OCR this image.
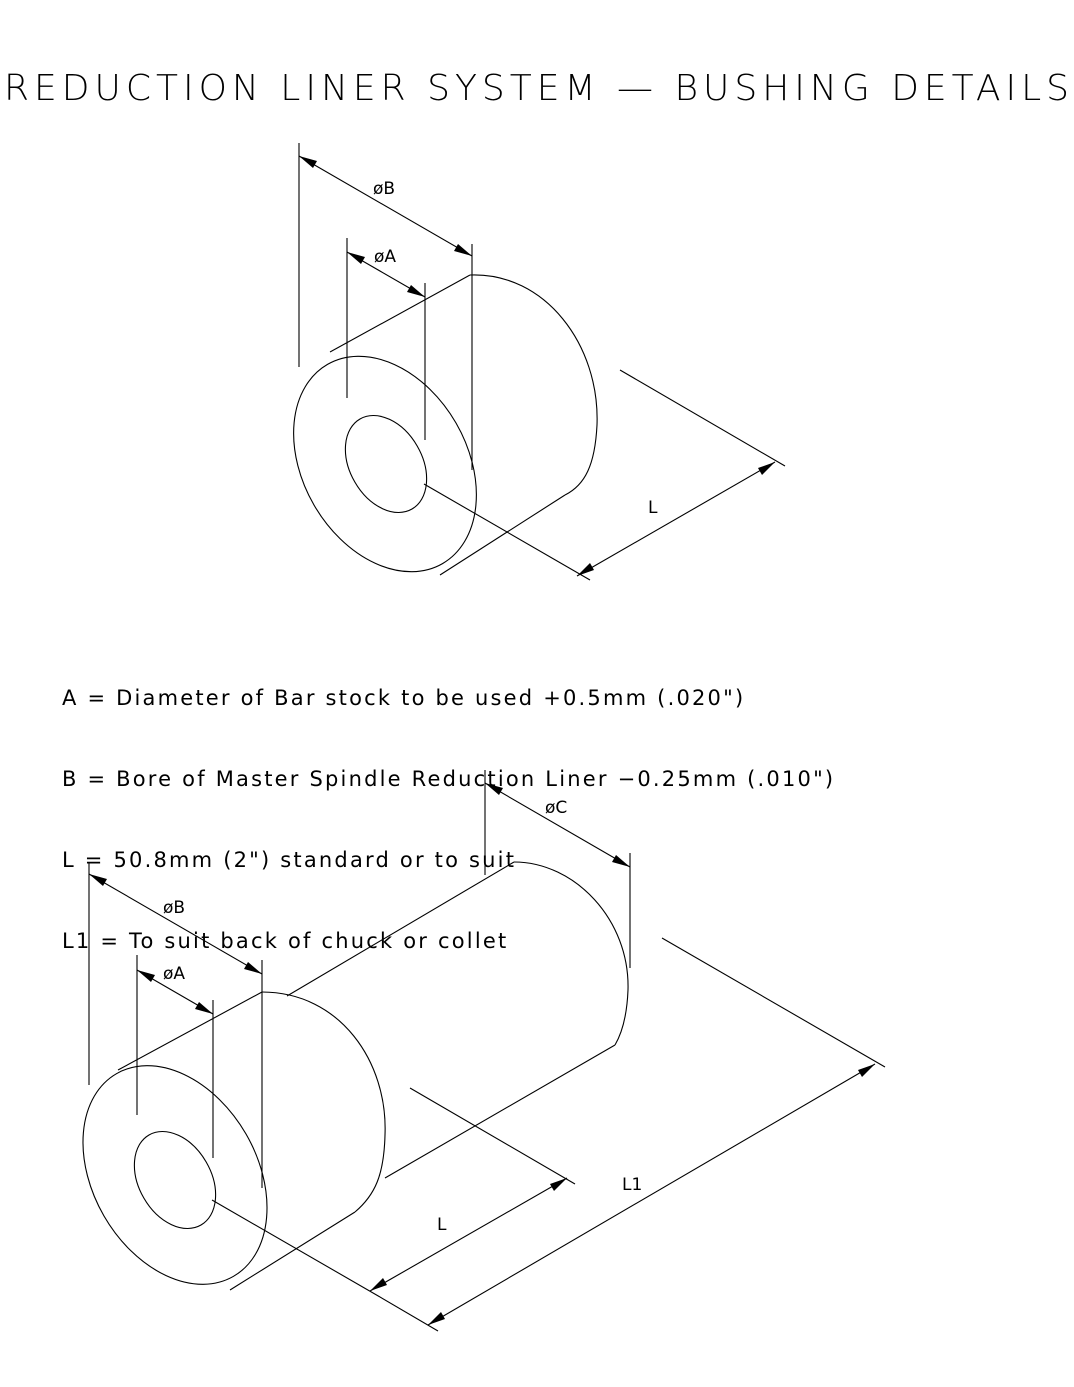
REDUCTION LINER SYSTEM — BUSHING DETAILS
øB
øA
L
øC
øB
øA
L
L1

A = Diameter of Bar stock to be used +0.5mm (.020")

B = Bore of Master Spindle Reduction Liner −0.25mm (.010")

L = 50.8mm (2") standard or to suit

L1 = To suit back of chuck or collet
